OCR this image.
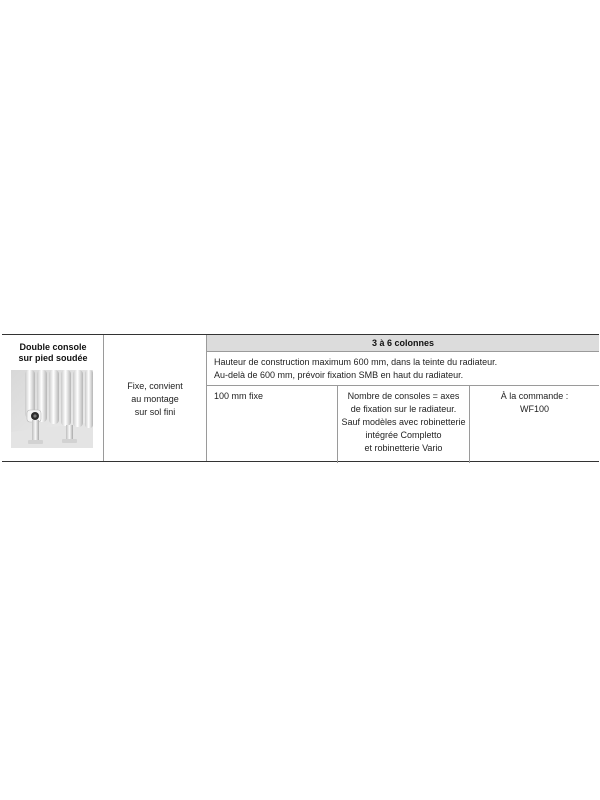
Double console
sur pied soudée
Fixe, convient
au montage
sur sol fini
3 à 6 colonnes
Hauteur de construction maximum 600 mm, dans la teinte du radiateur.
Au-delà de 600 mm, prévoir fixation SMB en haut du radiateur.
100 mm fixe	Nombre de consoles = axes
de fixation sur le radiateur.
Sauf modèles avec robinetterie
intégrée Completto
et robinetterie Vario
À la commande :
WF100
